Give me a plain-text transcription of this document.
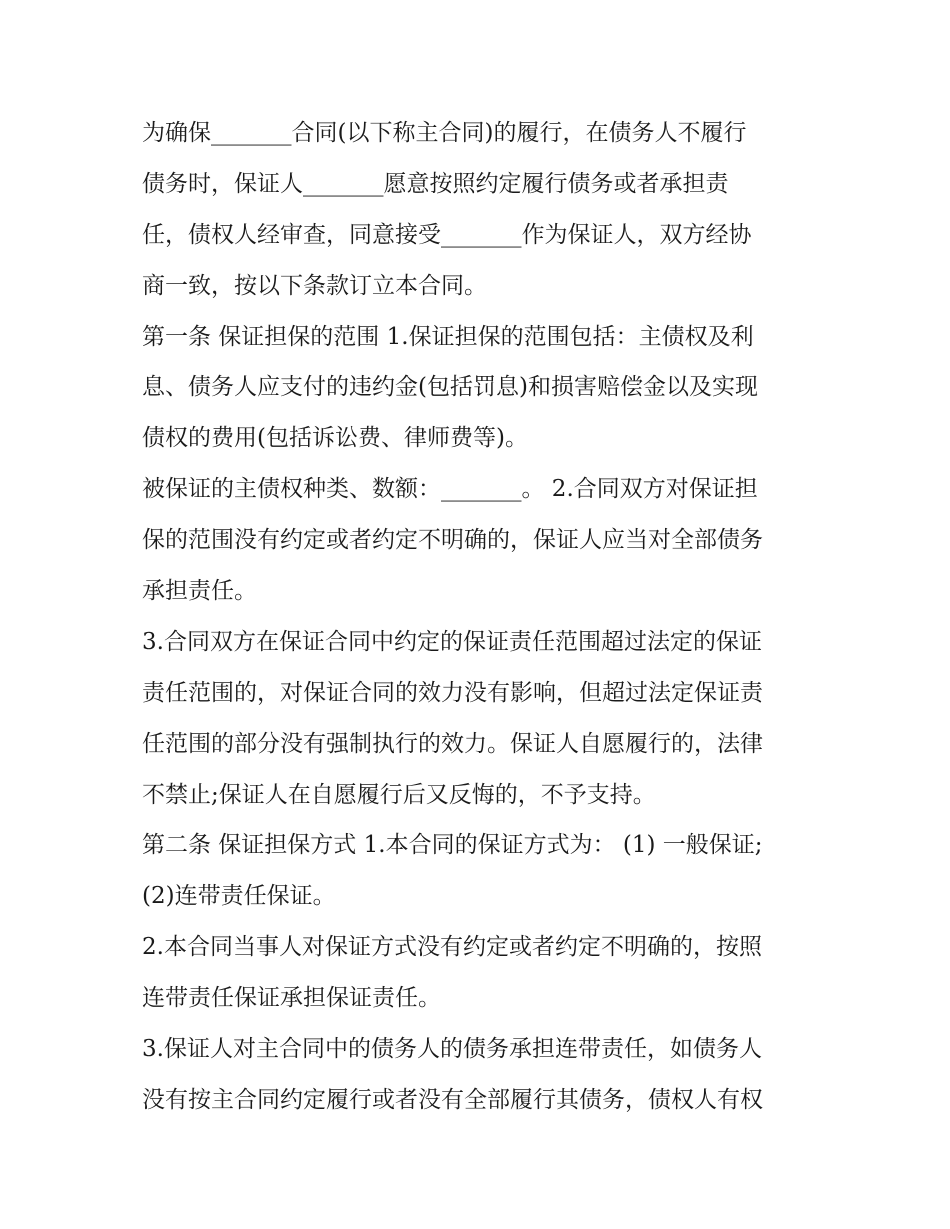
为确保_______合同(以下称主合同)的履行，在债务人不履行
债务时，保证人_______愿意按照约定履行债务或者承担责
任，债权人经审查，同意接受_______作为保证人，双方经协
商一致，按以下条款订立本合同。
第一条 保证担保的范围 1.保证担保的范围包括：主债权及利
息、债务人应支付的违约金(包括罚息)和损害赔偿金以及实现
债权的费用(包括诉讼费、律师费等)。
被保证的主债权种类、数额：_______。 2.合同双方对保证担
保的范围没有约定或者约定不明确的，保证人应当对全部债务
承担责任。
3.合同双方在保证合同中约定的保证责任范围超过法定的保证
责任范围的，对保证合同的效力没有影响，但超过法定保证责
任范围的部分没有强制执行的效力。保证人自愿履行的，法律
不禁止;保证人在自愿履行后又反悔的，不予支持。
第二条 保证担保方式 1.本合同的保证方式为： (1) 一般保证;
(2)连带责任保证。
2.本合同当事人对保证方式没有约定或者约定不明确的，按照
连带责任保证承担保证责任。
3.保证人对主合同中的债务人的债务承担连带责任，如债务人
没有按主合同约定履行或者没有全部履行其债务，债权人有权
